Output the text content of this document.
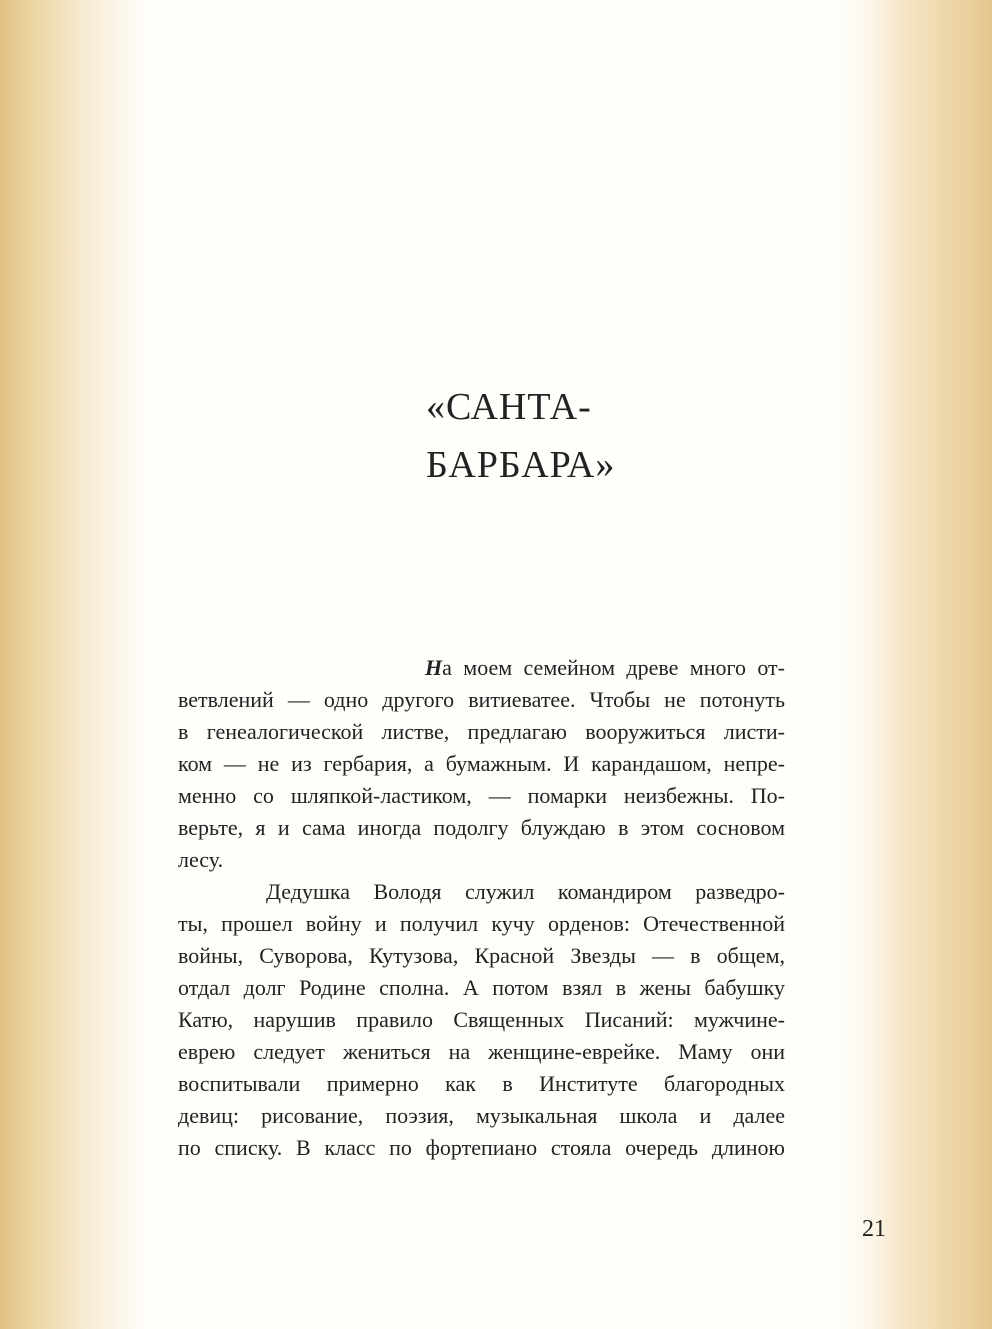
«САНТА-
БАРБАРА»
На моем семейном древе много от-
ветвлений — одно другого витиеватее. Чтобы не потонуть
в генеалогической листве, предлагаю вооружиться листи-
ком — не из гербария, а бумажным. И карандашом, непре-
менно со шляпкой-ластиком, — помарки неизбежны. По-
верьте, я и сама иногда подолгу блуждаю в этом сосновом
лесу.
Дедушка Володя служил командиром разведро-
ты, прошел войну и получил кучу орденов: Отечественной
войны, Суворова, Кутузова, Красной Звезды — в общем,
отдал долг Родине сполна. А потом взял в жены бабушку
Катю, нарушив правило Священных Писаний: мужчине-
еврею следует жениться на женщине-еврейке. Маму они
воспитывали примерно как в Институте благородных
девиц: рисование, поэзия, музыкальная школа и далее
по списку. В класс по фортепиано стояла очередь длиною
21
